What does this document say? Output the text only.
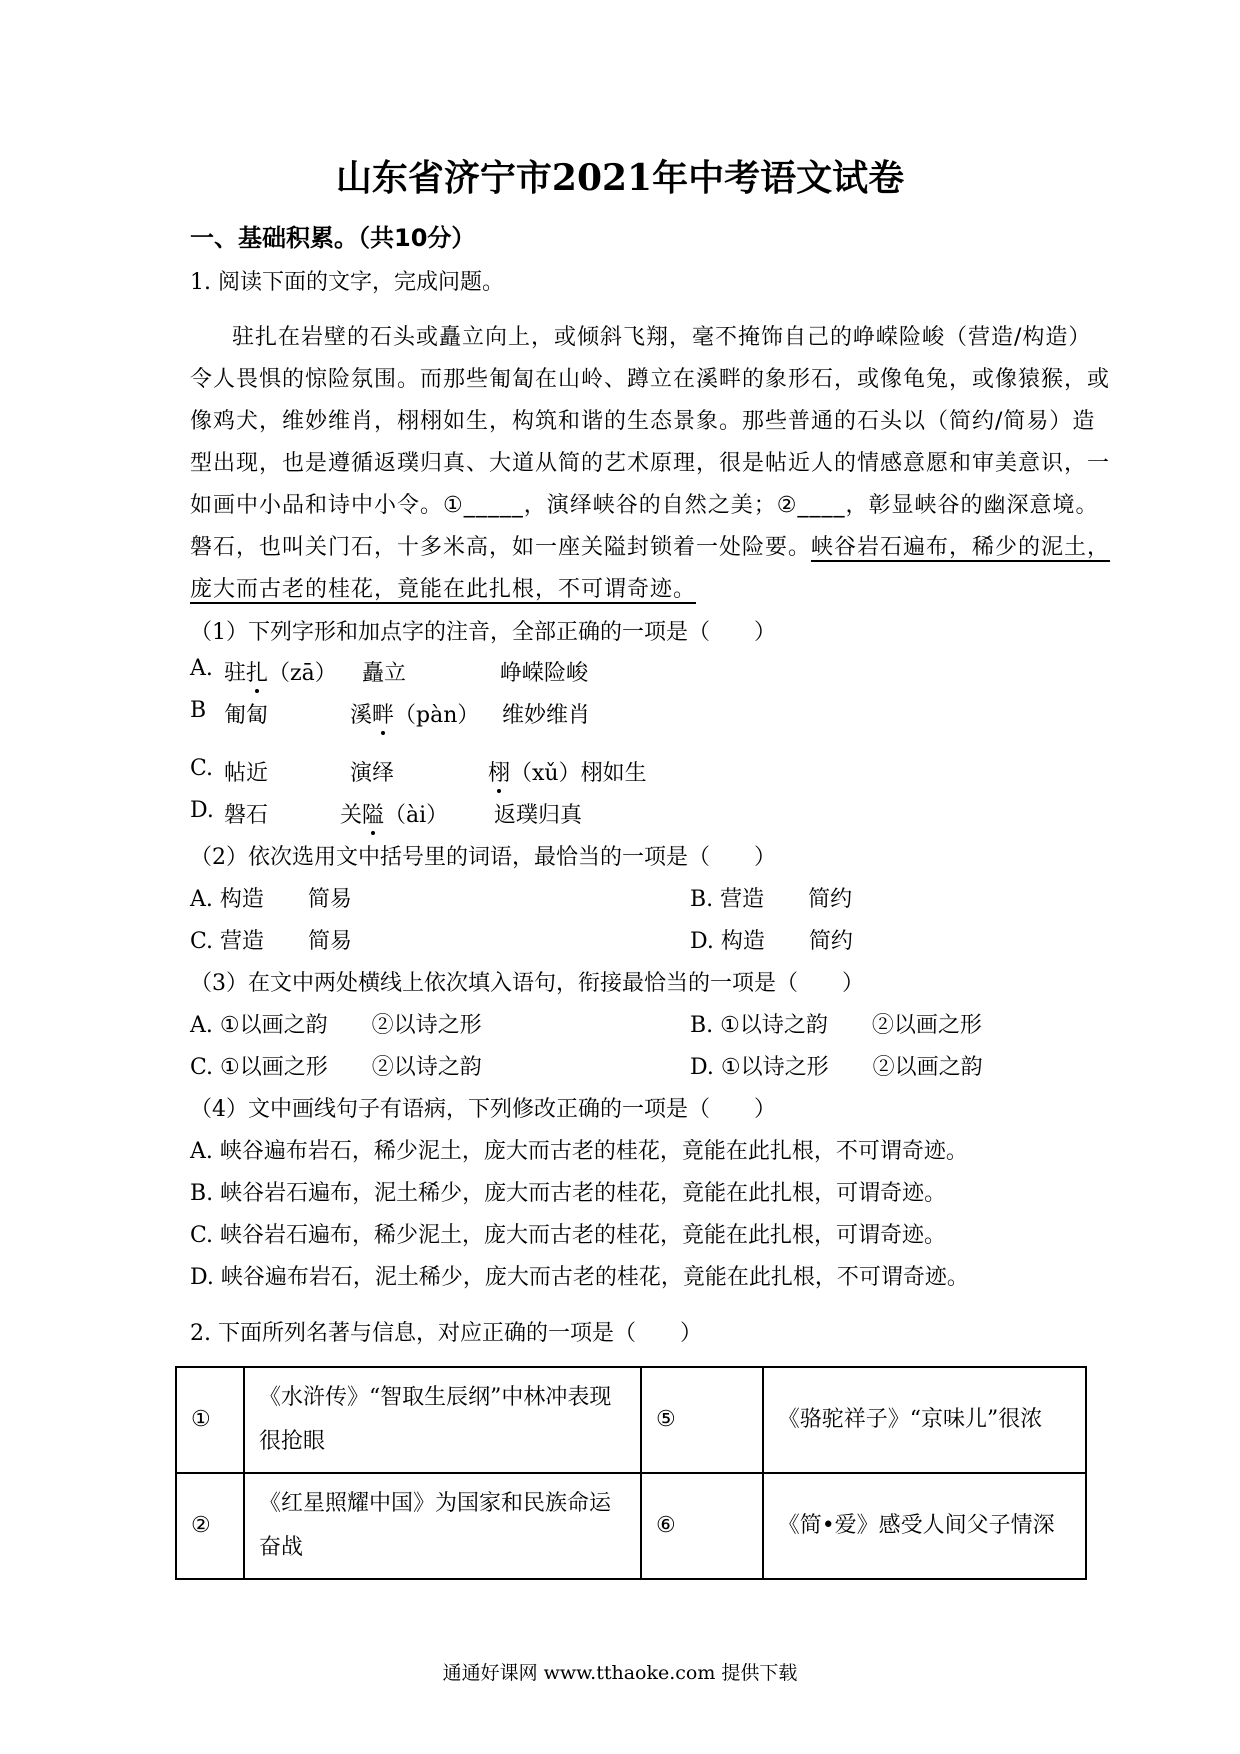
山东省济宁市2021年中考语文试卷
一、基础积累。（共10分）
1. 阅读下面的文字，完成问题。
驻扎在岩壁的石头或矗立向上，或倾斜飞翔，毫不掩饰自己的峥嵘险峻（营造/构造）
令人畏惧的惊险氛围。而那些匍匐在山岭、蹲立在溪畔的象形石，或像龟兔，或像猿猴，或
像鸡犬，维妙维肖，栩栩如生，构筑和谐的生态景象。那些普通的石头以（简约/简易）造
型出现，也是遵循返璞归真、大道从简的艺术原理，很是帖近人的情感意愿和审美意识，一
如画中小品和诗中小令。①_____，演绎峡谷的自然之美；②____，彰显峡谷的幽深意境。
磐石，也叫关门石，十多米高，如一座关隘封锁着一处险要。峡谷岩石遍布，稀少的泥土，
庞大而古老的桂花，竟能在此扎根，不可谓奇迹。
（1）下列字形和加点字的注音，全部正确的一项是（　　）
A. 驻扎（zā） 矗立	峥嵘险峻
B 匍匐	溪畔（pàn） 维妙维肖
C. 帖近	演绎	栩（xǔ）栩如生
D. 磐石	关隘（ài） 返璞归真
（2）依次选用文中括号里的词语，最恰当的一项是（　　）
A. 构造　　简易	B. 营造　　简约
C. 营造　　简易	D. 构造　　简约
（3）在文中两处横线上依次填入语句，衔接最恰当的一项是（　　）
A. ①以画之韵　　②以诗之形	B. ①以诗之韵　　②以画之形
C. ①以画之形　　②以诗之韵	D. ①以诗之形　　②以画之韵
（4）文中画线句子有语病，下列修改正确的一项是（　　）
A. 峡谷遍布岩石，稀少泥土，庞大而古老的桂花，竟能在此扎根，不可谓奇迹。
B. 峡谷岩石遍布，泥土稀少，庞大而古老的桂花，竟能在此扎根，可谓奇迹。
C. 峡谷岩石遍布，稀少泥土，庞大而古老的桂花，竟能在此扎根，可谓奇迹。
D. 峡谷遍布岩石，泥土稀少，庞大而古老的桂花，竟能在此扎根，不可谓奇迹。
2. 下面所列名著与信息，对应正确的一项是（　　）
①	《水浒传》“智取生辰纲”中林冲表现很抢眼	⑤	《骆驼祥子》“京味儿”很浓
②	《红星照耀中国》为国家和民族命运奋战	⑥	《简•爱》感受人间父子情深
通通好课网 www.tthaoke.com 提供下载
